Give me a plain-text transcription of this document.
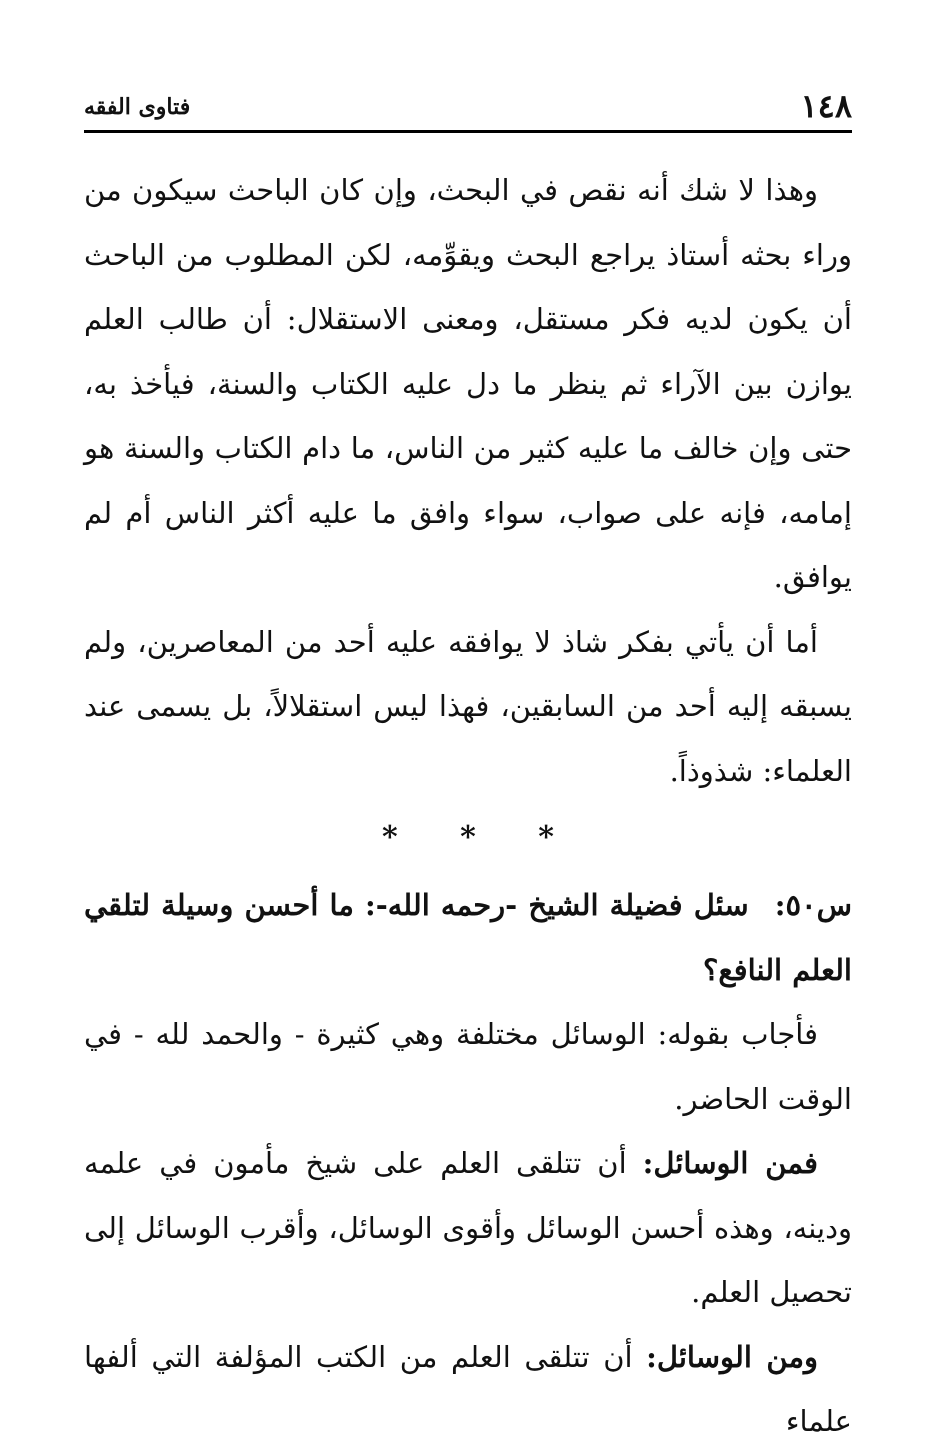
١٤٨
فتاوى الفقه

وهذا لا شك أنه نقص في البحث، وإن كان الباحث سيكون من وراء بحثه أستاذ يراجع البحث ويقوِّمه، لكن المطلوب من الباحث أن يكون لديه فكر مستقل، ومعنى الاستقلال: أن طالب العلم يوازن بين الآراء ثم ينظر ما دل عليه الكتاب والسنة، فيأخذ به، حتى وإن خالف ما عليه كثير من الناس، ما دام الكتاب والسنة هو إمامه، فإنه على صواب، سواء وافق ما عليه أكثر الناس أم لم يوافق.

أما أن يأتي بفكر شاذ لا يوافقه عليه أحد من المعاصرين، ولم يسبقه إليه أحد من السابقين، فهذا ليس استقلالاً، بل يسمى عند العلماء: شذوذاً.

* * *

س٥٠:سئل فضيلة الشيخ -رحمه الله-: ما أحسن وسيلة لتلقي العلم النافع؟

فأجاب بقوله: الوسائل مختلفة وهي كثيرة - والحمد لله - في الوقت الحاضر.

فمن الوسائل: أن تتلقى العلم على شيخ مأمون في علمه ودينه، وهذه أحسن الوسائل وأقوى الوسائل، وأقرب الوسائل إلى تحصيل العلم.

ومن الوسائل: أن تتلقى العلم من الكتب المؤلفة التي ألفها علماء
